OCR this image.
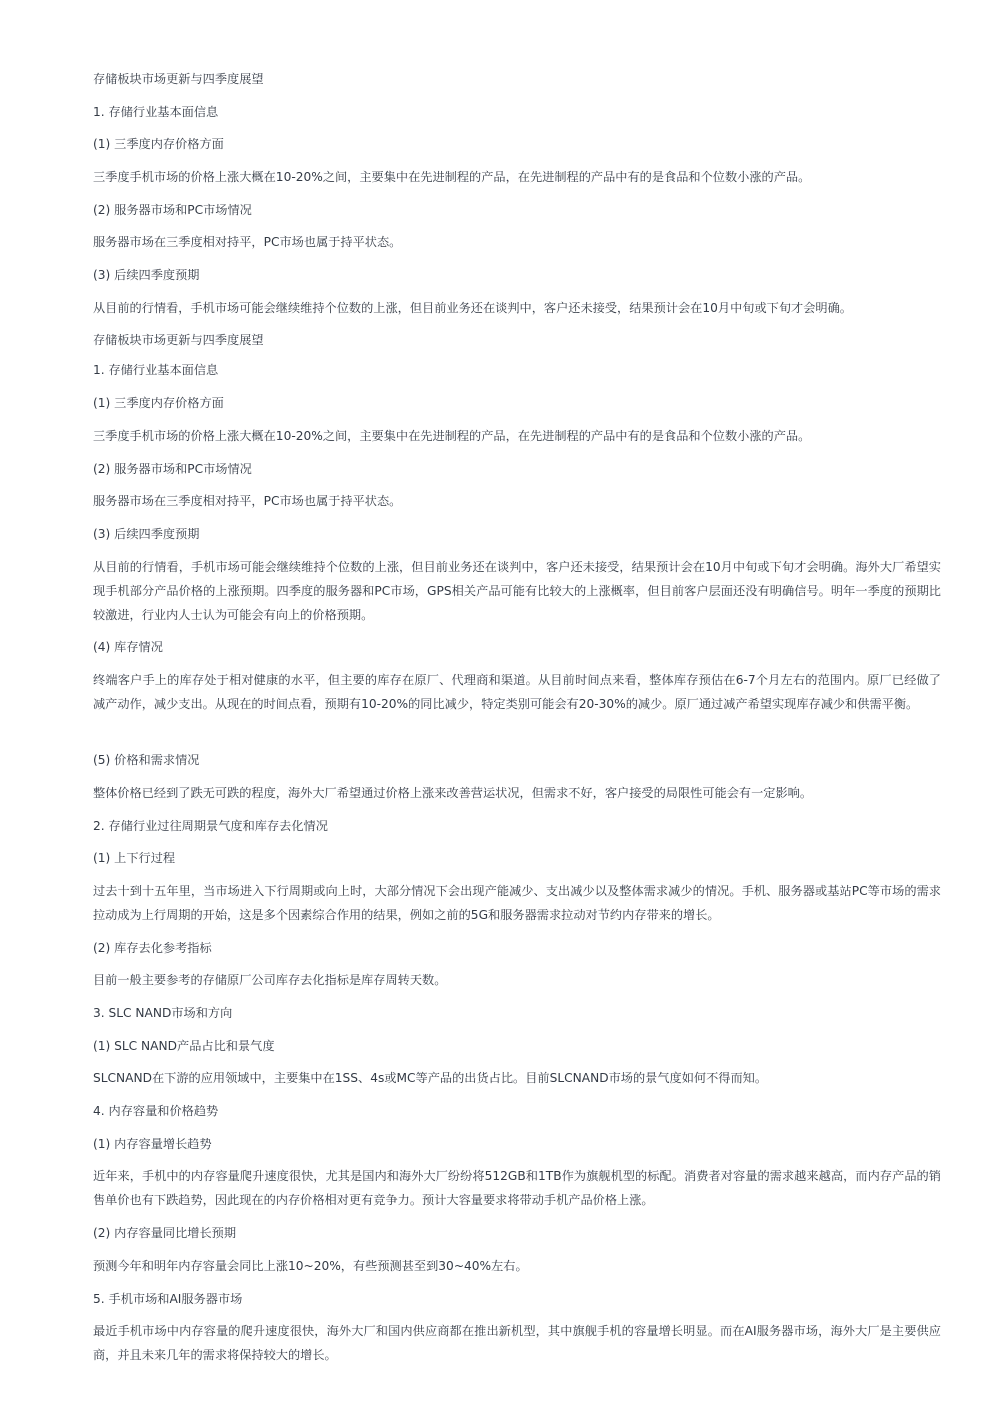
存储板块市场更新与四季度展望
1. 存储行业基本面信息
(1) 三季度内存价格方面
三季度手机市场的价格上涨大概在10-20%之间，主要集中在先进制程的产品，在先进制程的产品中有的是食品和个位数小涨的产品。
(2) 服务器市场和PC市场情况
服务器市场在三季度相对持平，PC市场也属于持平状态。
(3) 后续四季度预期
从目前的行情看，手机市场可能会继续维持个位数的上涨，但目前业务还在谈判中，客户还未接受，结果预计会在10月中旬或下旬才会明确。
存储板块市场更新与四季度展望
1. 存储行业基本面信息
(1) 三季度内存价格方面
三季度手机市场的价格上涨大概在10-20%之间，主要集中在先进制程的产品，在先进制程的产品中有的是食品和个位数小涨的产品。
(2) 服务器市场和PC市场情况
服务器市场在三季度相对持平，PC市场也属于持平状态。
(3) 后续四季度预期
从目前的行情看，手机市场可能会继续维持个位数的上涨，但目前业务还在谈判中，客户还未接受，结果预计会在10月中旬或下旬才会明确。海外大厂希望实现手机部分产品价格的上涨预期。四季度的服务器和PC市场，GPS相关产品可能有比较大的上涨概率，但目前客户层面还没有明确信号。明年一季度的预期比较激进，行业内人士认为可能会有向上的价格预期。
(4) 库存情况
终端客户手上的库存处于相对健康的水平，但主要的库存在原厂、代理商和渠道。从目前时间点来看，整体库存预估在6-7个月左右的范围内。原厂已经做了减产动作，减少支出。从现在的时间点看，预期有10-20%的同比减少，特定类别可能会有20-30%的减少。原厂通过减产希望实现库存减少和供需平衡。
(5) 价格和需求情况
整体价格已经到了跌无可跌的程度，海外大厂希望通过价格上涨来改善营运状况，但需求不好，客户接受的局限性可能会有一定影响。
2. 存储行业过往周期景气度和库存去化情况
(1) 上下行过程
过去十到十五年里，当市场进入下行周期或向上时，大部分情况下会出现产能减少、支出减少以及整体需求减少的情况。手机、服务器或基站PC等市场的需求拉动成为上行周期的开始，这是多个因素综合作用的结果，例如之前的5G和服务器需求拉动对节约内存带来的增长。
(2) 库存去化参考指标
目前一般主要参考的存储原厂公司库存去化指标是库存周转天数。
3. SLC NAND市场和方向
(1) SLC NAND产品占比和景气度
SLCNAND在下游的应用领域中，主要集中在1SS、4s或MC等产品的出货占比。目前SLCNAND市场的景气度如何不得而知。
4. 内存容量和价格趋势
(1) 内存容量增长趋势
近年来，手机中的内存容量爬升速度很快，尤其是国内和海外大厂纷纷将512GB和1TB作为旗舰机型的标配。消费者对容量的需求越来越高，而内存产品的销售单价也有下跌趋势，因此现在的内存价格相对更有竞争力。预计大容量要求将带动手机产品价格上涨。
(2) 内存容量同比增长预期
预测今年和明年内存容量会同比上涨10~20%，有些预测甚至到30~40%左右。
5. 手机市场和AI服务器市场
最近手机市场中内存容量的爬升速度很快，海外大厂和国内供应商都在推出新机型，其中旗舰手机的容量增长明显。而在AI服务器市场，海外大厂是主要供应商，并且未来几年的需求将保持较大的增长。
